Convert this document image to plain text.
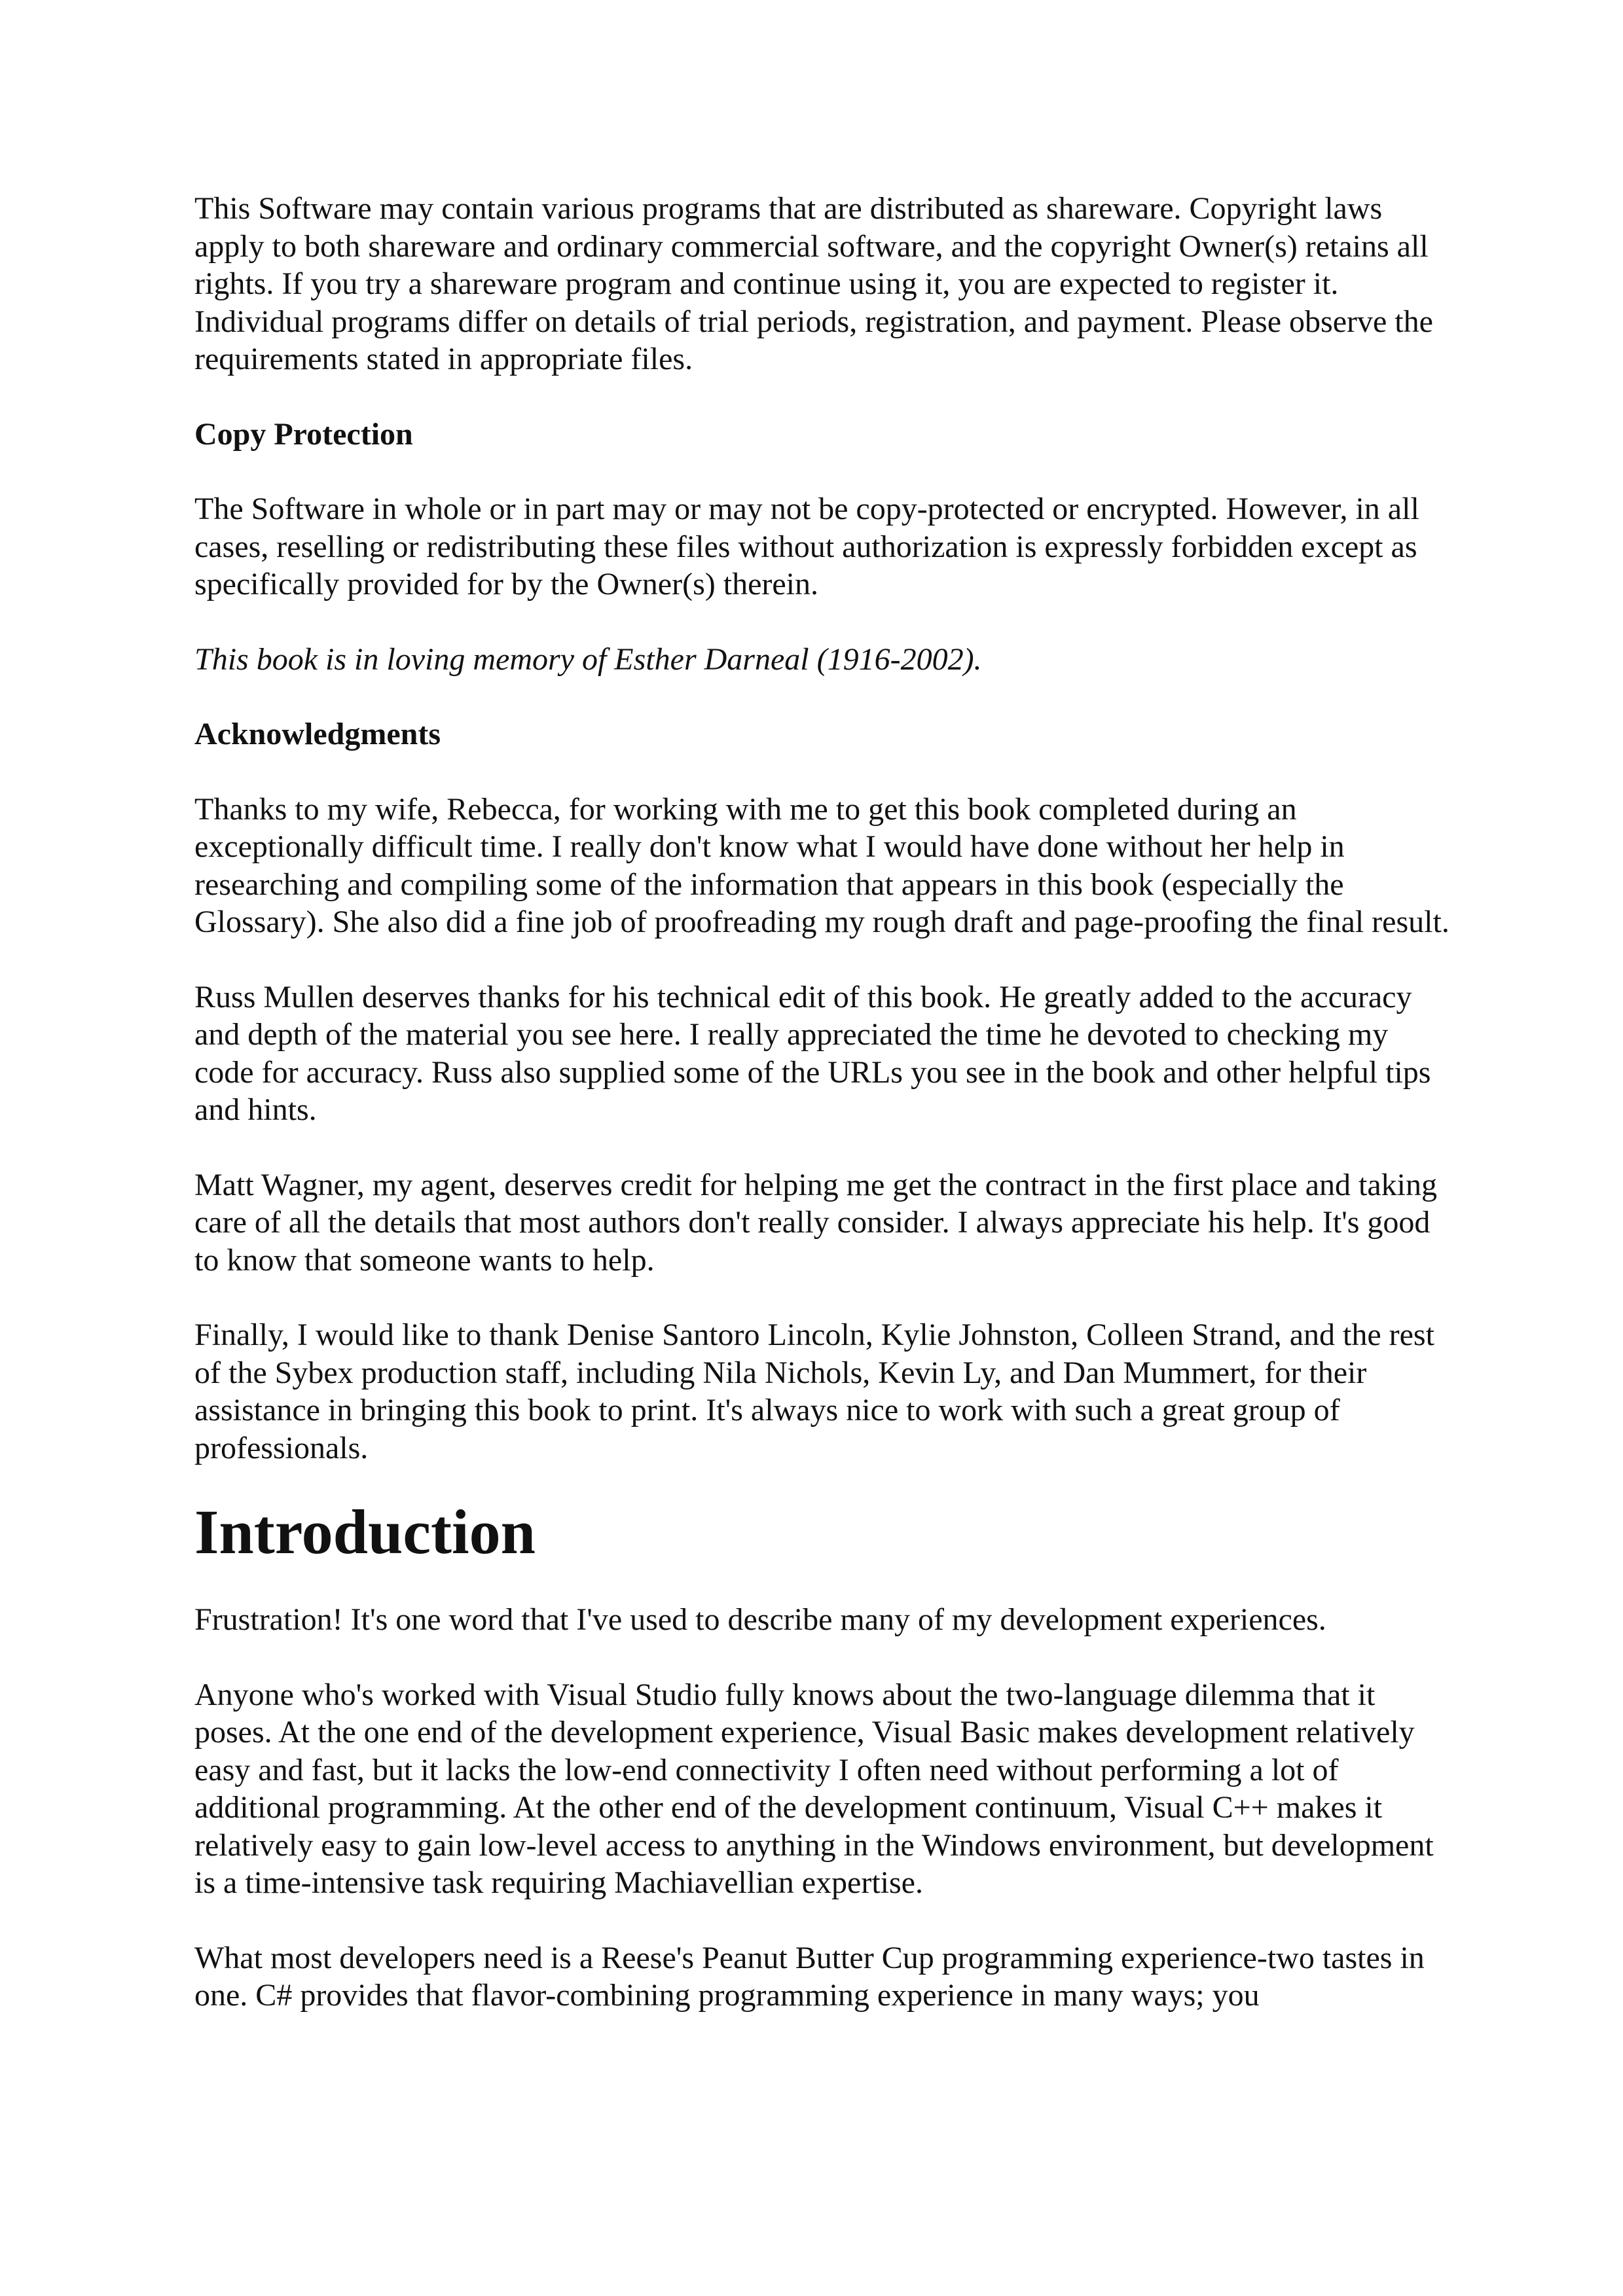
This Software may contain various programs that are distributed as shareware. Copyright laws apply to both shareware and ordinary commercial software, and the copyright Owner(s) retains all rights. If you try a shareware program and continue using it, you are expected to register it. Individual programs differ on details of trial periods, registration, and payment. Please observe the requirements stated in appropriate files.

Copy Protection

The Software in whole or in part may or may not be copy-protected or encrypted. However, in all cases, reselling or redistributing these files without authorization is expressly forbidden except as specifically provided for by the Owner(s) therein.

This book is in loving memory of Esther Darneal (1916-2002).

Acknowledgments

Thanks to my wife, Rebecca, for working with me to get this book completed during an exceptionally difficult time. I really don't know what I would have done without her help in researching and compiling some of the information that appears in this book (especially the Glossary). She also did a fine job of proofreading my rough draft and page-proofing the final result.

Russ Mullen deserves thanks for his technical edit of this book. He greatly added to the accuracy and depth of the material you see here. I really appreciated the time he devoted to checking my code for accuracy. Russ also supplied some of the URLs you see in the book and other helpful tips and hints.

Matt Wagner, my agent, deserves credit for helping me get the contract in the first place and taking care of all the details that most authors don't really consider. I always appreciate his help. It's good to know that someone wants to help.

Finally, I would like to thank Denise Santoro Lincoln, Kylie Johnston, Colleen Strand, and the rest of the Sybex production staff, including Nila Nichols, Kevin Ly, and Dan Mummert, for their assistance in bringing this book to print. It's always nice to work with such a great group of professionals.

Introduction

Frustration! It's one word that I've used to describe many of my development experiences.

Anyone who's worked with Visual Studio fully knows about the two-language dilemma that it poses. At the one end of the development experience, Visual Basic makes development relatively easy and fast, but it lacks the low-end connectivity I often need without performing a lot of additional programming. At the other end of the development continuum, Visual C++ makes it relatively easy to gain low-level access to anything in the Windows environment, but development is a time-intensive task requiring Machiavellian expertise.

What most developers need is a Reese's Peanut Butter Cup programming experience-two tastes in one. C# provides that flavor-combining programming experience in many ways; you
